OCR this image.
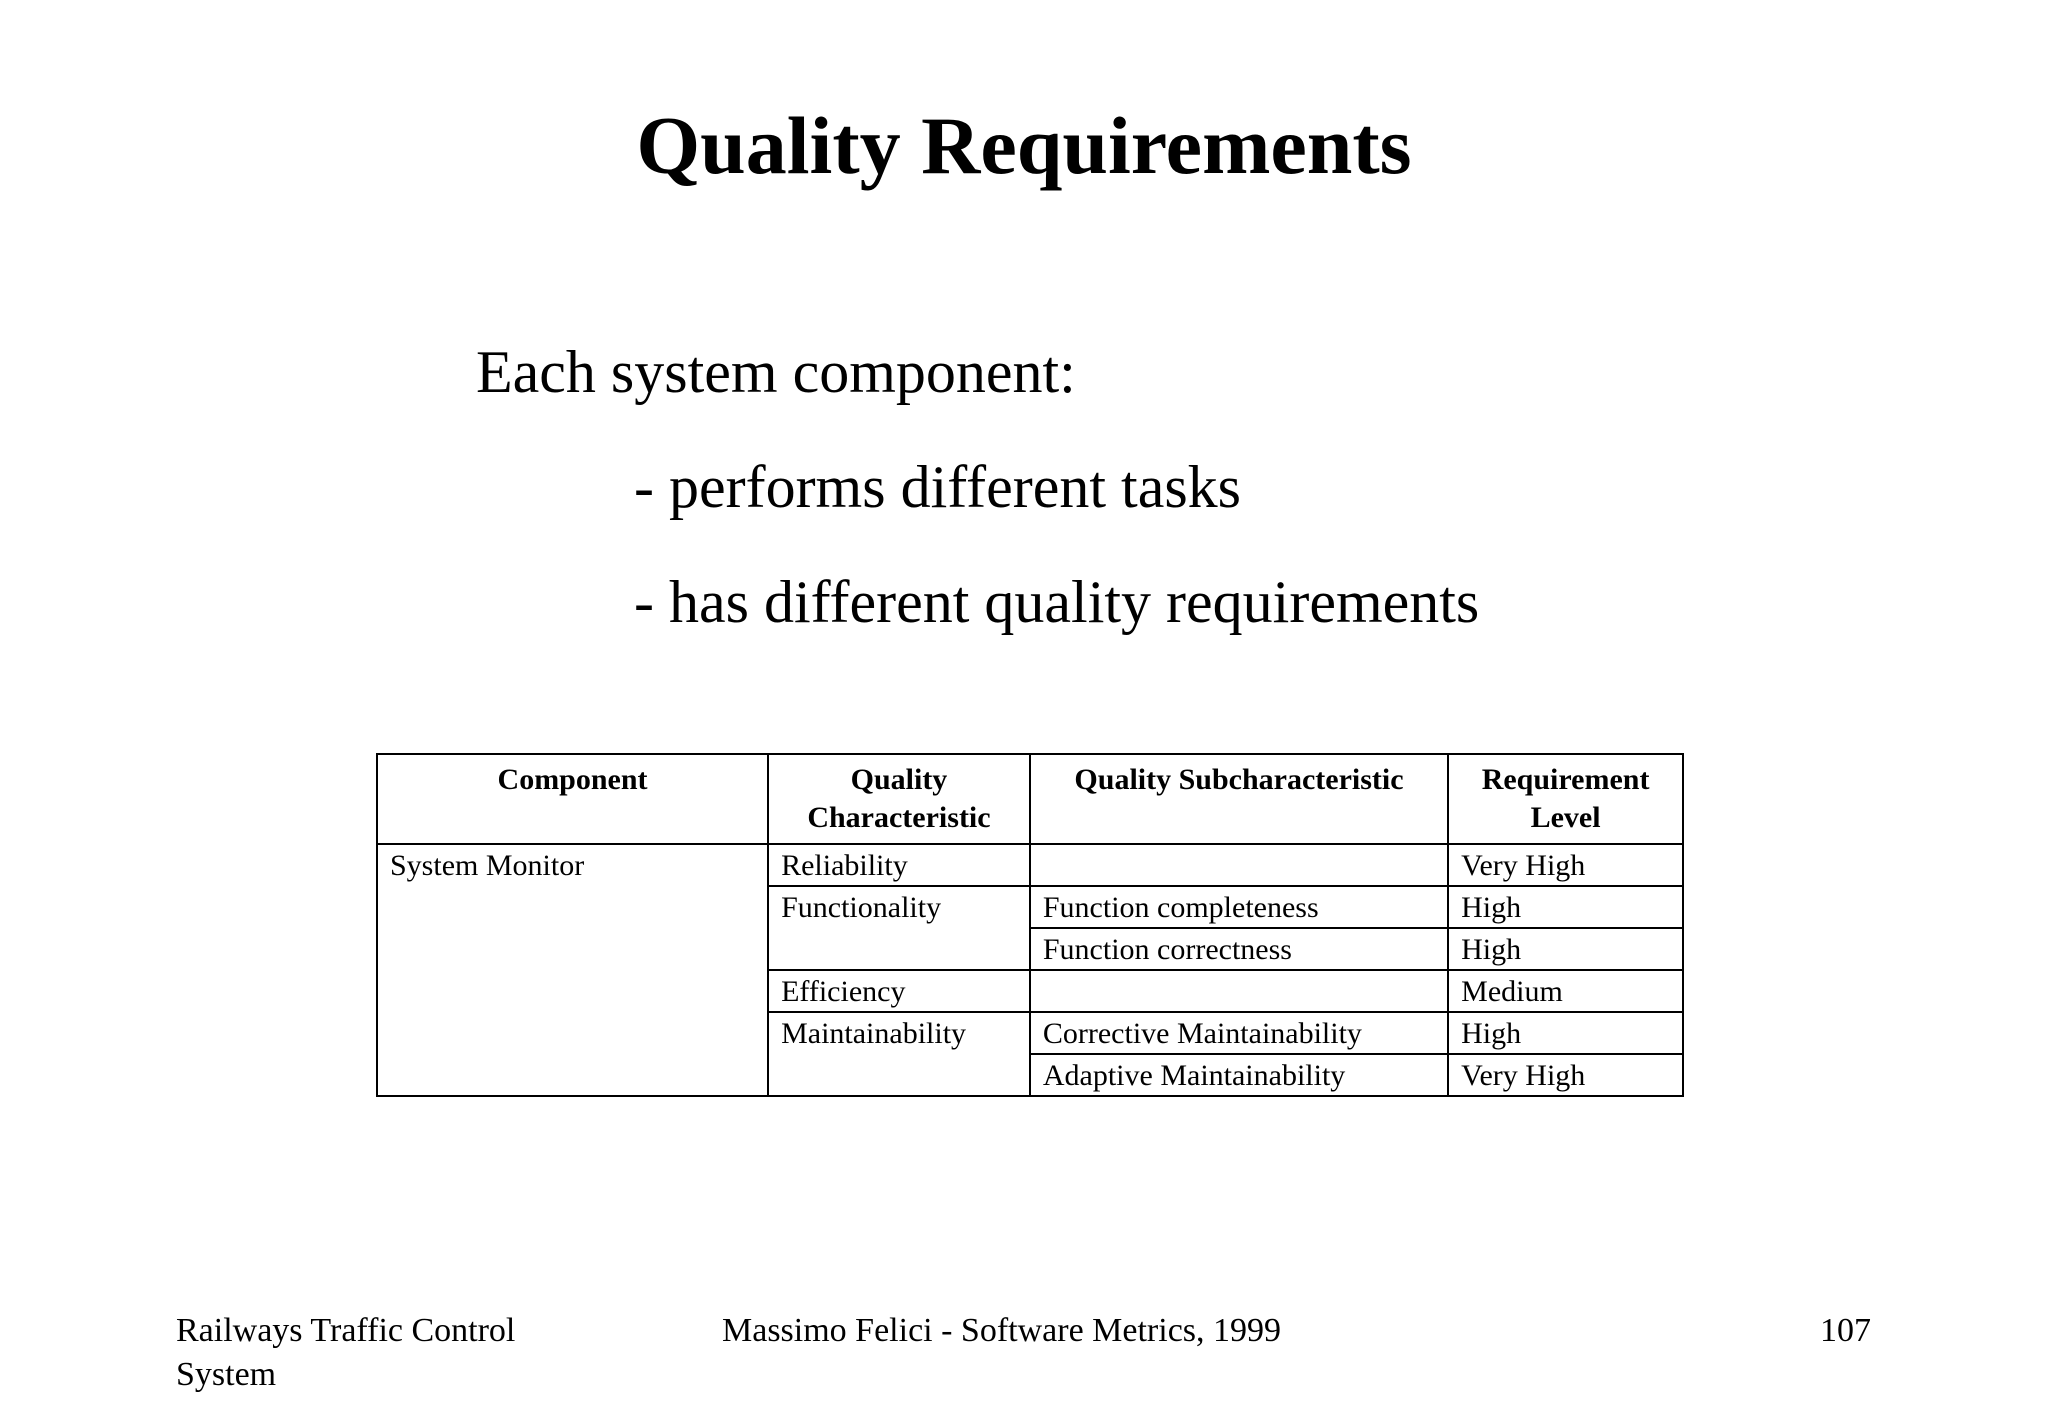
Quality Requirements
Each system component:
- performs different tasks
- has different quality requirements
Component	Quality Characteristic	Quality Subcharacteristic	Requirement Level
System Monitor	Reliability		Very High
	Functionality	Function completeness	High
		Function correctness	High
	Efficiency		Medium
	Maintainability	Corrective Maintainability	High
		Adaptive Maintainability	Very High
Railways Traffic Control System
Massimo Felici - Software Metrics, 1999	107
